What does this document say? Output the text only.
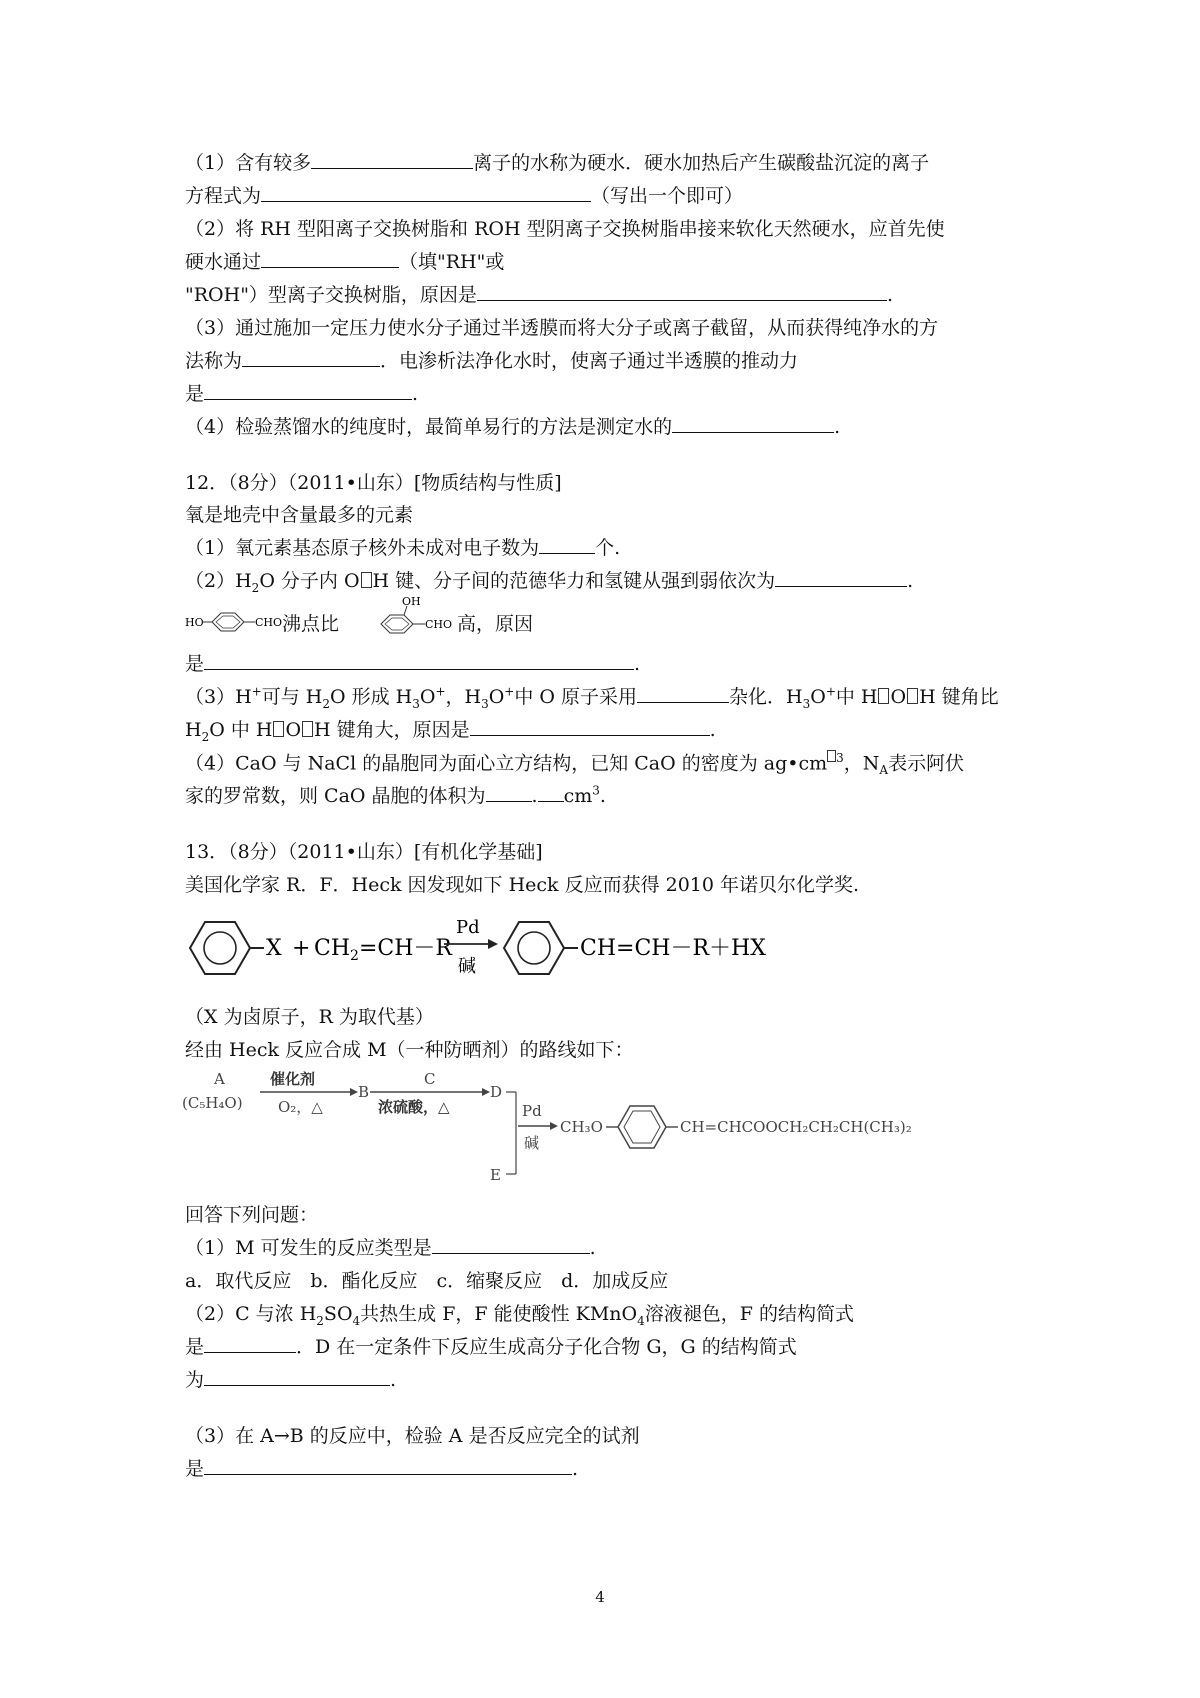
（1）含有较多	离子的水称为硬水．硬水加热后产生碳酸盐沉淀的离子
方程式为	（写出一个即可）
（2）将 RH 型阳离子交换树脂和 ROH 型阴离子交换树脂串接来软化天然硬水，应首先使
硬水通过	（填"RH"或
"ROH"）型离子交换树脂，原因是	.
（3）通过施加一定压力使水分子通过半透膜而将大分子或离子截留，从而获得纯净水的方
法称为	．电渗析法净化水时，使离子通过半透膜的推动力
是	.
（4）检验蒸馏水的纯度时，最简单易行的方法是测定水的	.
12．（8分）（2011•山东）[物质结构与性质]
氧是地壳中含量最多的元素
（1）氧元素基态原子核外未成对电子数为	个.
$(2)H_2O$ 分子内 O H 键、分子间的范德华力和氢键从强到弱依次为	.
HO	CHO
OH
CHO
沸点比	高，原因
是	.
（3）H+可与 $H_2O$ 形成 $H_3O^+$，$H_3O^+$中 O 原子采用	杂化．$H_3O^+$中 H O H 键角比
$H_2O$ 中 H O H 键角大，原因是	.
（4）CaO 与 NaCl 的晶胞同为面心立方结构，已知 CaO 的密度为 ag•cm $^3$，$N_A$表示阿伏
家的罗常数，则 CaO 晶胞的体积为 . $cm^3$.
13．（8分）（2011•山东）[有机化学基础]
美国化学家 R．F．Heck 因发现如下 Heck 反应而获得 2010 年诺贝尔化学奖.
$X + CH_2=CH-R$
Pd
碱
CH=CH－R＋HX
（X 为卤原子，R 为取代基）
经由 Heck 反应合成 M（一种防晒剂）的路线如下：
A
(C₅H₄O)
催化剂
O₂，△
B
C
浓硫酸，△
D
E
Pd
碱
CH₃O	CH=CHCOOCH₂CH₂CH(CH₃)₂
回答下列问题：
（1）M 可发生的反应类型是	.
a．取代反应　b．酯化反应　c．缩聚反应　d．加成反应
（2）C 与浓 $H_2SO_4$共热生成 F，F 能使酸性 KMnO$_4$溶液褪色，F 的结构简式
是	．D 在一定条件下反应生成高分子化合物 G，G 的结构简式
为	.
（3）在 A→B 的反应中，检验 A 是否反应完全的试剂
是	.
4
